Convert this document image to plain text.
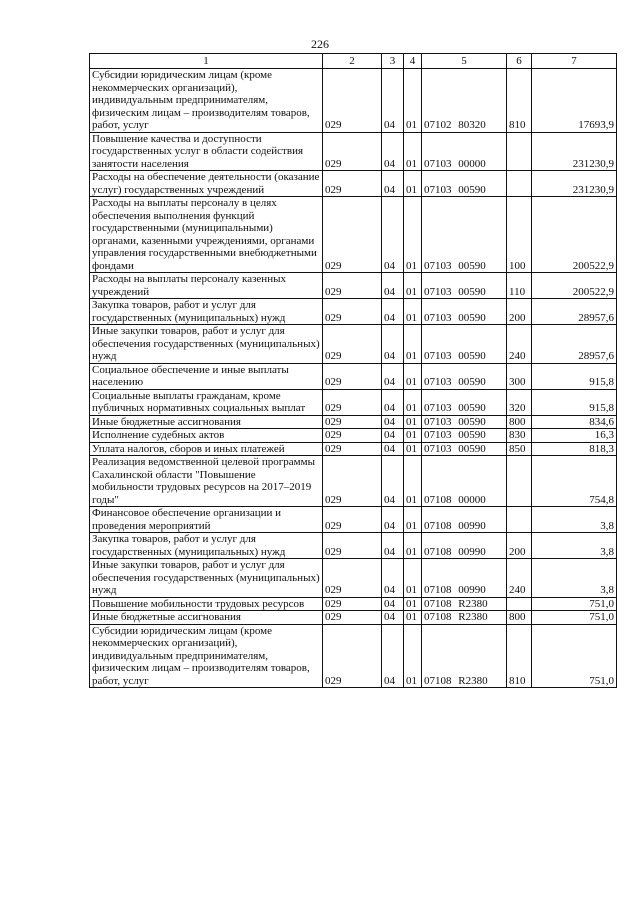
226
1	2	3	4	5	6	7
Субсидии юридическим лицам (кроме некоммерческих организаций), индивидуальным предпринимателям, физическим лицам – производителям товаров, работ, услуг	029	04	01	07102 80320	810	17693,9
Повышение качества и доступности государственных услуг в области содействия занятости населения	029	04	01	07103 00000		231230,9
Расходы на обеспечение деятельности (оказание услуг) государственных учреждений	029	04	01	07103 00590		231230,9
Расходы на выплаты персоналу в целях обеспечения выполнения функций государственными (муниципальными) органами, казенными учреждениями, органами управления государственными внебюджетными фондами	029	04	01	07103 00590	100	200522,9
Расходы на выплаты персоналу казенных учреждений	029	04	01	07103 00590	110	200522,9
Закупка товаров, работ и услуг для государственных (муниципальных) нужд	029	04	01	07103 00590	200	28957,6
Иные закупки товаров, работ и услуг для обеспечения государственных (муниципальных) нужд	029	04	01	07103 00590	240	28957,6
Социальное обеспечение и иные выплаты населению	029	04	01	07103 00590	300	915,8
Социальные выплаты гражданам, кроме публичных нормативных социальных выплат	029	04	01	07103 00590	320	915,8
Иные бюджетные ассигнования	029	04	01	07103 00590	800	834,6
Исполнение судебных актов	029	04	01	07103 00590	830	16,3
Уплата налогов, сборов и иных платежей	029	04	01	07103 00590	850	818,3
Реализация ведомственной целевой программы Сахалинской области "Повышение мобильности трудовых ресурсов на 2017–2019 годы"	029	04	01	07108 00000		754,8
Финансовое обеспечение организации и проведения мероприятий	029	04	01	07108 00990		3,8
Закупка товаров, работ и услуг для государственных (муниципальных) нужд	029	04	01	07108 00990	200	3,8
Иные закупки товаров, работ и услуг для обеспечения государственных (муниципальных) нужд	029	04	01	07108 00990	240	3,8
Повышение мобильности трудовых ресурсов	029	04	01	07108 R2380		751,0
Иные бюджетные ассигнования	029	04	01	07108 R2380	800	751,0
Субсидии юридическим лицам (кроме некоммерческих организаций), индивидуальным предпринимателям, физическим лицам – производителям товаров, работ, услуг	029	04	01	07108 R2380	810	751,0
